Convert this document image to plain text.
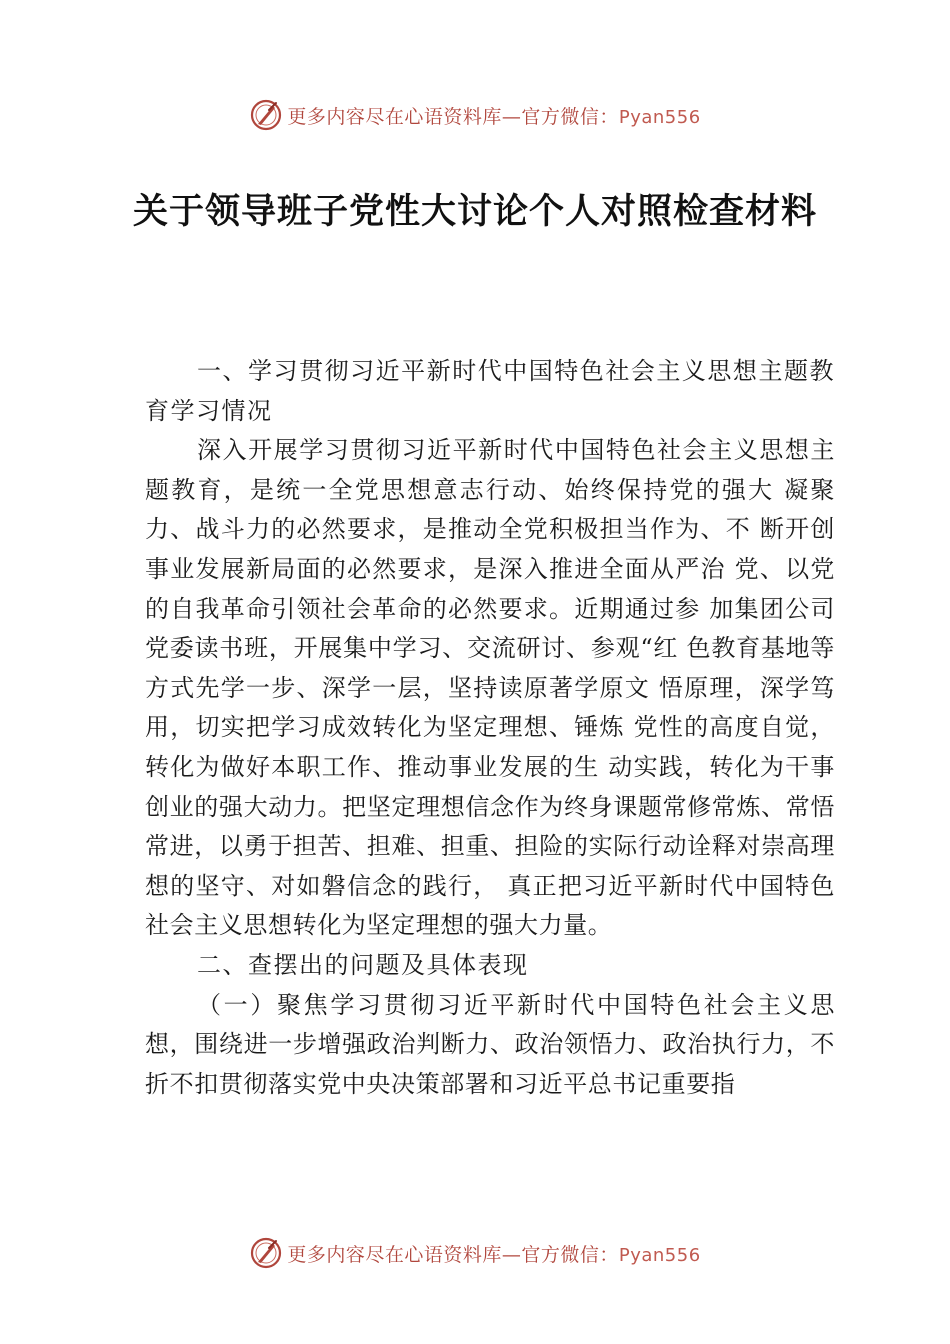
更多内容尽在心语资料库—官方微信：Pyan556
关于领导班子党性大讨论个人对照检查材料

一、学习贯彻习近平新时代中国特色社会主义思想主题教育学习情况

深入开展学习贯彻习近平新时代中国特色社会主义思想主题教育，是统一全党思想意志行动、始终保持党的强大 凝聚力、战斗力的必然要求，是推动全党积极担当作为、不 断开创事业发展新局面的必然要求，是深入推进全面从严治 党、以党的自我革命引领社会革命的必然要求。近期通过参 加集团公司党委读书班，开展集中学习、交流研讨、参观“红 色教育基地等方式先学一步、深学一层，坚持读原著学原文 悟原理，深学笃用，切实把学习成效转化为坚定理想、锤炼 党性的高度自觉，转化为做好本职工作、推动事业发展的生 动实践，转化为干事创业的强大动力。把坚定理想信念作为终身课题常修常炼、常悟常进，以勇于担苦、担难、担重、担险的实际行动诠释对崇高理想的坚守、对如磐信念的践行， 真正把习近平新时代中国特色社会主义思想转化为坚定理想的强大力量。

二、查摆出的问题及具体表现

（一）聚焦学习贯彻习近平新时代中国特色社会主义思想，围绕进一步增强政治判断力、政治领悟力、政治执行力，不折不扣贯彻落实党中央决策部署和习近平总书记重要指

更多内容尽在心语资料库—官方微信：Pyan556
